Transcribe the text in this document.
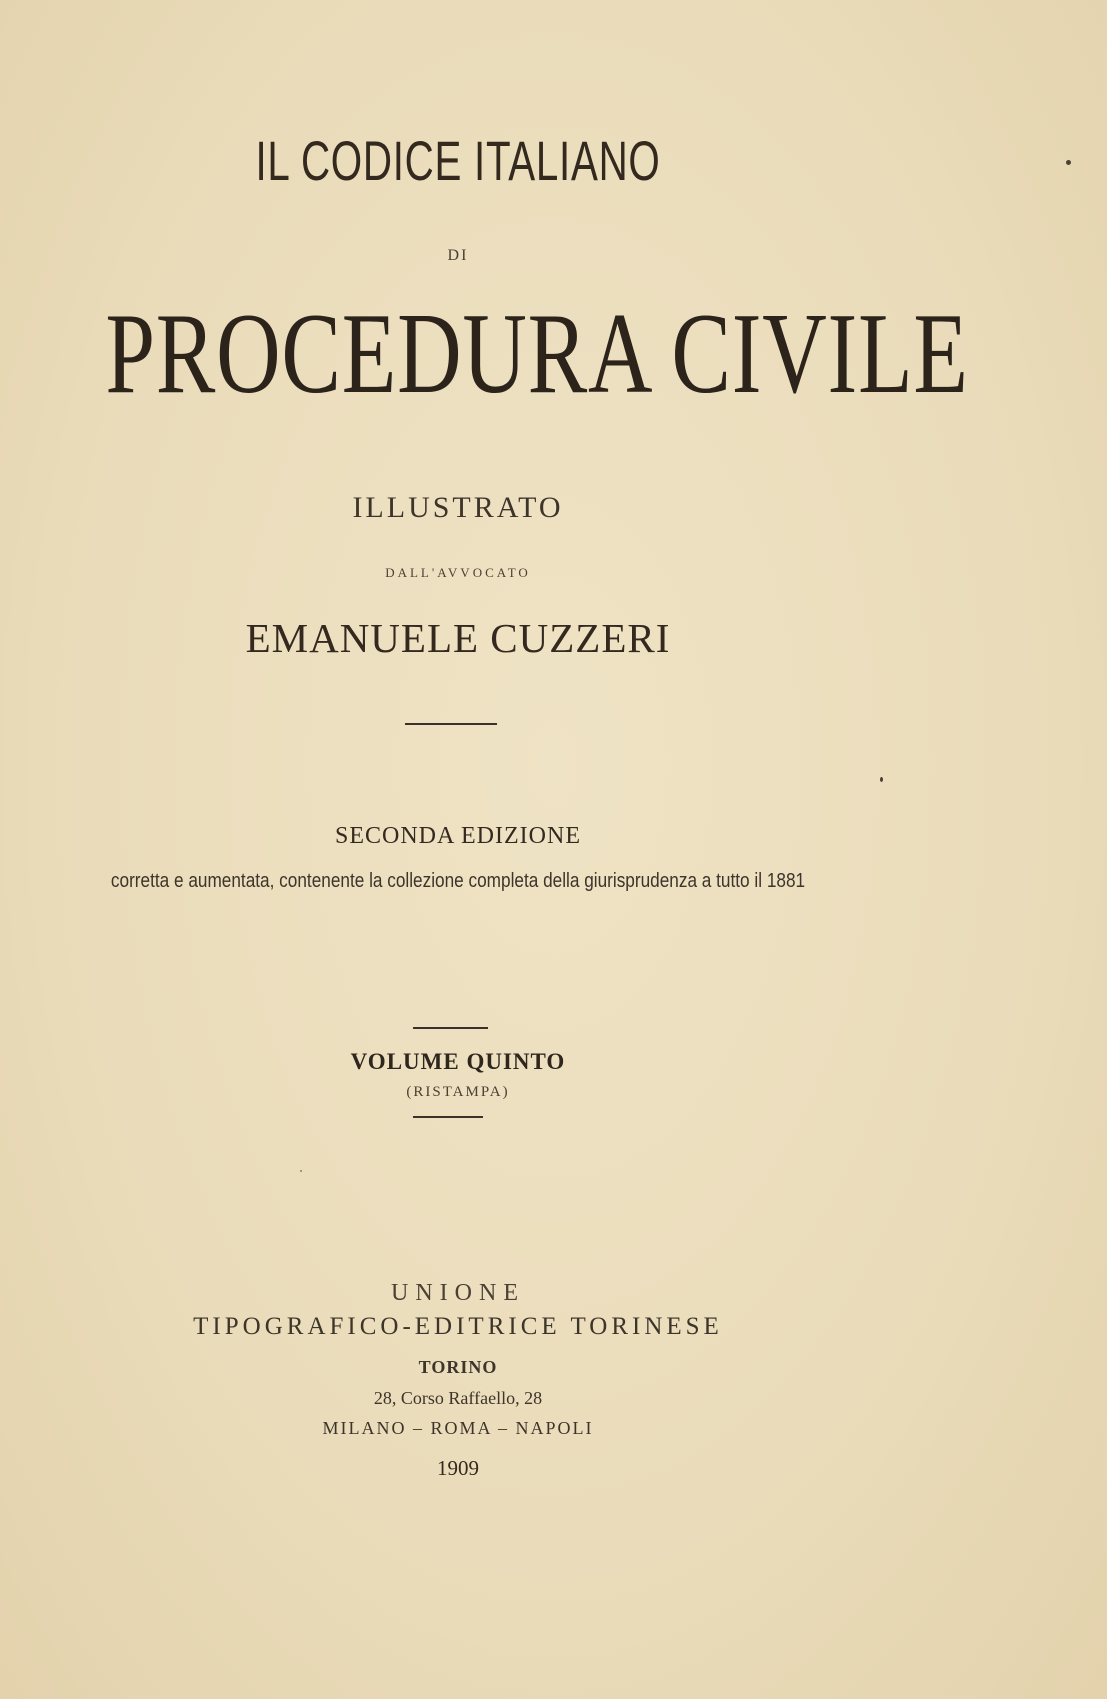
IL CODICE ITALIANO

DI

PROCEDURA CIVILE

ILLUSTRATO

DALL'AVVOCATO

EMANUELE CUZZERI

SECONDA EDIZIONE

corretta e aumentata, contenente la collezione completa della giurisprudenza a tutto il 1881

VOLUME QUINTO

(RISTAMPA)

UNIONE

TIPOGRAFICO-EDITRICE TORINESE

TORINO

28, Corso Raffaello, 28

MILANO – ROMA – NAPOLI

1909
